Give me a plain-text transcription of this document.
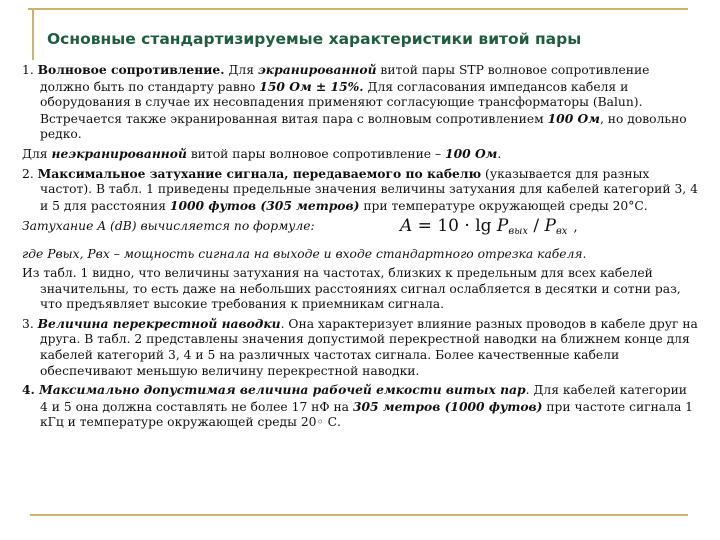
Основные стандартизируемые характеристики витой пары

1. Волновое сопротивление. Для экранированной витой пары STP волновое сопротивление должно быть по стандарту равно 150 Ом ± 15%. Для согласования импедансов кабеля и оборудования в случае их несовпадения применяют согласующие трансформаторы (Balun). Встречается также экранированная витая пара с волновым сопротивлением 100 Ом, но довольно редко.

Для неэкранированной витой пары волновое сопротивление – 100 Ом.

2. Максимальное затухание сигнала, передаваемого по кабелю (указывается для разных частот). В табл. 1 приведены предельные значения величины затухания для кабелей категорий 3, 4 и 5 для расстояния 1000 футов (305 метров) при температуре окружающей среды 20°С.

Затухание A (dB) вычисляется по формуле:	$A = 10 \cdot \lg P_{вых} / P_{вх}$ ,

где Рвых, Рвх – мощность сигнала на выходе и входе стандартного отрезка кабеля.

Из табл. 1 видно, что величины затухания на частотах, близких к предельным для всех кабелей значительны, то есть даже на небольших расстояниях сигнал ослабляется в десятки и сотни раз, что предъявляет высокие требования к приемникам сигнала.

3. Величина перекрестной наводки. Она характеризует влияние разных проводов в кабеле друг на друга. В табл. 2 представлены значения допустимой перекрестной наводки на ближнем конце для кабелей категорий 3, 4 и 5 на различных частотах сигнала. Более качественные кабели обеспечивают меньшую величину перекрестной наводки.

4. Максимально допустимая величина рабочей емкости витых пар. Для кабелей категории 4 и 5 она должна составлять не более 17 нФ на 305 метров (1000 футов) при частоте сигнала 1 кГц и температуре окружающей среды 20◦ С.
